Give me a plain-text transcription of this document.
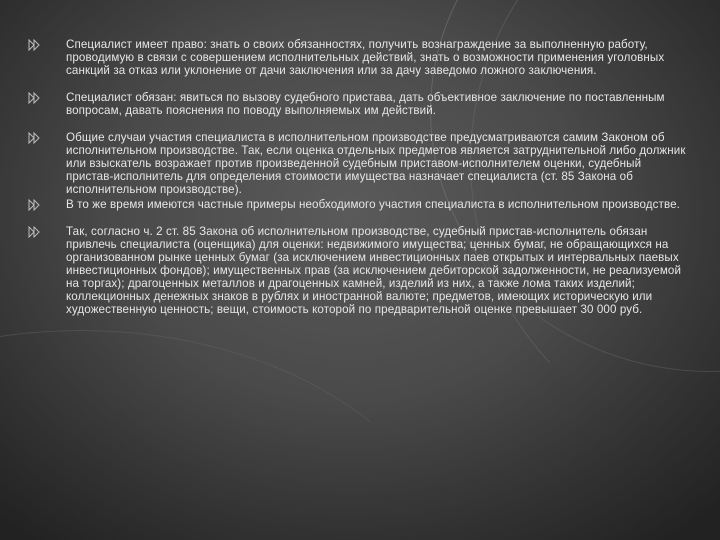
Специалист имеет право: знать о своих обязанностях, получить вознаграждение за выполненную работу, проводимую в связи с совершением исполнительных действий, знать о возможности применения уголовных санкций за отказ или уклонение от дачи заключения или за дачу заведомо ложного заключения.

Специалист обязан: явиться по вызову судебного пристава, дать объективное заключение по поставленным вопросам, давать пояснения по поводу выполняемых им действий.

Общие случаи участия специалиста в исполнительном производстве предусматриваются самим Законом об исполнительном производстве. Так, если оценка отдельных предметов является затруднительной либо должник или взыскатель возражает против произведенной судебным приставом-исполнителем оценки, судебный пристав-исполнитель для определения стоимости имущества назначает специалиста (ст. 85 Закона об исполнительном производстве).

В то же время имеются частные примеры необходимого участия специалиста в исполнительном производстве.

Так, согласно ч. 2 ст. 85 Закона об исполнительном производстве, судебный пристав-исполнитель обязан привлечь специалиста (оценщика) для оценки: недвижимого имущества; ценных бумаг, не обращающихся на организованном рынке ценных бумаг (за исключением инвестиционных паев открытых и интервальных паевых инвестиционных фондов); имущественных прав (за исключением дебиторской задолженности, не реализуемой на торгах); драгоценных металлов и драгоценных камней, изделий из них, а также лома таких изделий; коллекционных денежных знаков в рублях и иностранной валюте; предметов, имеющих историческую или художественную ценность; вещи, стоимость которой по предварительной оценке превышает 30 000 руб.
